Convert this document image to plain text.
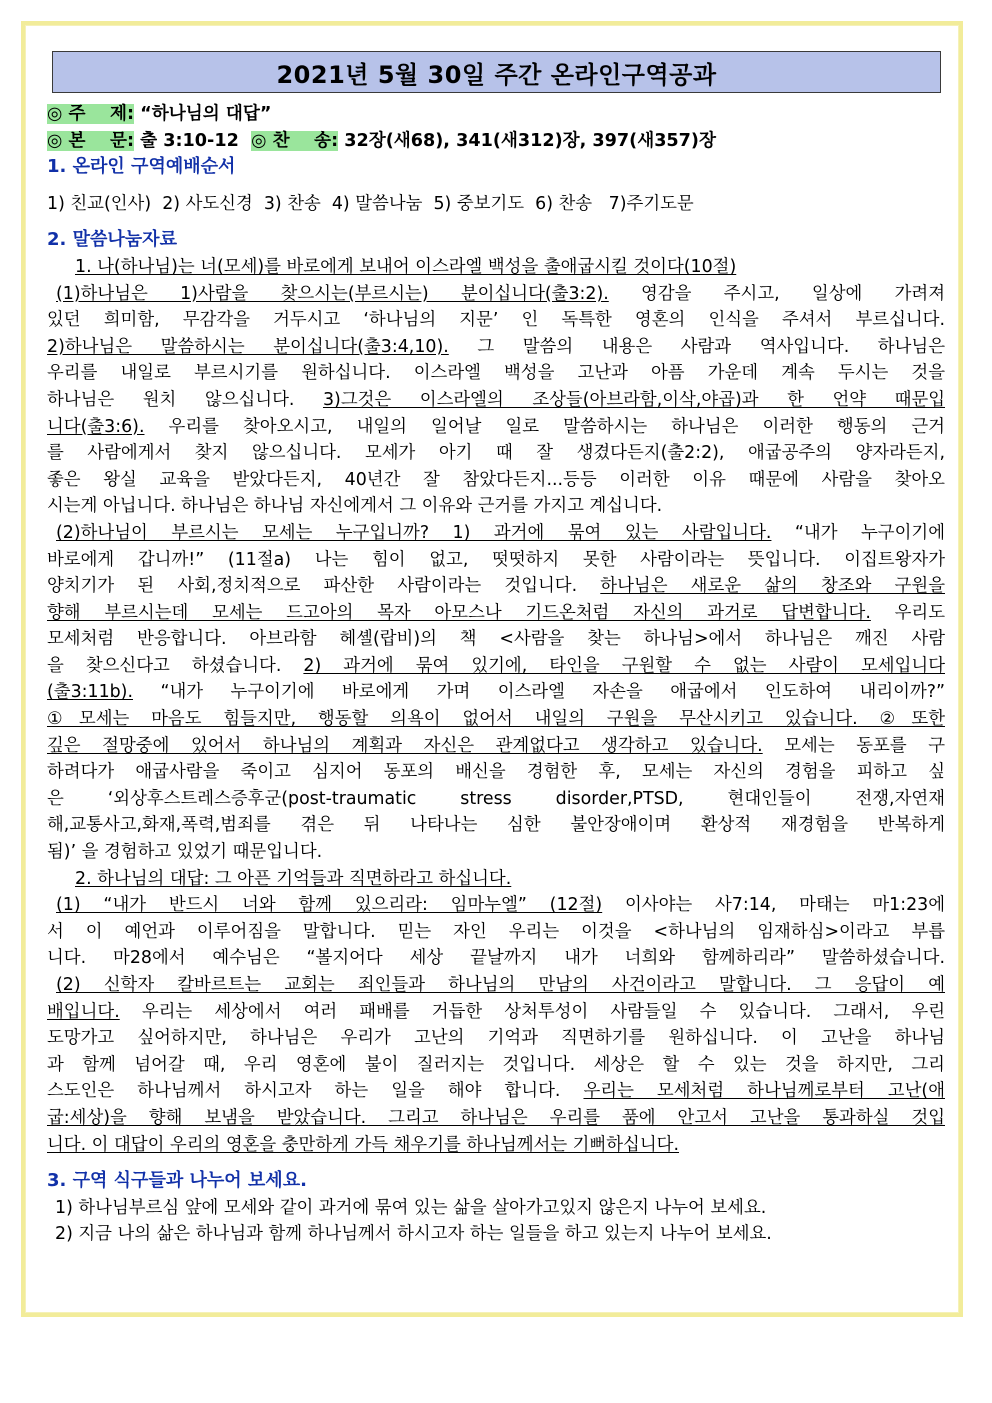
2021년 5월 30일 주간 온라인구역공과
◎ 주    제: “하나님의 대답”
◎ 본    문: 출 3:10-12 ◎ 찬    송: 32장(새68), 341(새312)장, 397(새357)장
1. 온라인 구역예배순서
1) 친교(인사)  2) 사도신경  3) 찬송  4) 말씀나눔  5) 중보기도  6) 찬송   7)주기도문
2. 말씀나눔자료
1. 나(하나님)는 너(모세)를 바로에게 보내어 이스라엘 백성을 출애굽시킬 것이다(10절)
(1)하나님은 1)사람을 찾으시는(부르시는) 분이십니다(출3:2). 영감을 주시고, 일상에 가려져
있던 희미함, 무감각을 거두시고 ‘하나님의 지문’ 인 독특한 영혼의 인식을 주셔서 부르십니다.
2)하나님은 말씀하시는 분이십니다(출3:4,10). 그 말씀의 내용은 사람과 역사입니다. 하나님은
우리를 내일로 부르시기를 원하십니다. 이스라엘 백성을 고난과 아픔 가운데 계속 두시는 것을
하나님은 원치 않으십니다. 3)그것은 이스라엘의 조상들(아브라함,이삭,야곱)과 한 언약 때문입
니다(출3:6). 우리를 찾아오시고, 내일의 일어날 일로 말씀하시는 하나님은 이러한 행동의 근거
를 사람에게서 찾지 않으십니다. 모세가 아기 때 잘 생겼다든지(출2:2), 애굽공주의 양자라든지,
좋은 왕실 교육을 받았다든지, 40년간 잘 참았다든지...등등 이러한 이유 때문에 사람을 찾아오
시는게 아닙니다. 하나님은 하나님 자신에게서 그 이유와 근거를 가지고 계십니다.
(2)하나님이 부르시는 모세는 누구입니까? 1) 과거에 묶여 있는 사람입니다. “내가 누구이기에
바로에게 갑니까!” (11절a) 나는 힘이 없고, 떳떳하지 못한 사람이라는 뜻입니다. 이집트왕자가
양치기가 된 사회,정치적으로 파산한 사람이라는 것입니다. 하나님은 새로운 삶의 창조와 구원을
향해 부르시는데 모세는 드고아의 목자 아모스나 기드온처럼 자신의 과거로 답변합니다. 우리도
모세처럼 반응합니다. 아브라함 헤셸(랍비)의 책 <사람을 찾는 하나님>에서 하나님은 깨진 사람
을 찾으신다고 하셨습니다. 2) 과거에 묶여 있기에, 타인을 구원할 수 없는 사람이 모세입니다
(출3:11b). “내가 누구이기에 바로에게 가며 이스라엘 자손을 애굽에서 인도하여 내리이까?”
①모세는 마음도 힘들지만, 행동할 의욕이 없어서 내일의 구원을 무산시키고 있습니다. ②또한
깊은 절망중에 있어서 하나님의 계획과 자신은 관계없다고 생각하고 있습니다. 모세는 동포를 구
하려다가 애굽사람을 죽이고 심지어 동포의 배신을 경험한 후, 모세는 자신의 경험을 피하고 싶
은 ‘외상후스트레스증후군(post-traumatic stress disorder,PTSD, 현대인들이 전쟁,자연재
해,교통사고,화재,폭력,범죄를 겪은 뒤 나타나는 심한 불안장애이며 환상적 재경험을 반복하게
됨)’ 을 경험하고 있었기 때문입니다.
2. 하나님의 대답: 그 아픈 기억들과 직면하라고 하십니다.
(1) “내가 반드시 너와 함께 있으리라: 임마누엘” (12절) 이사야는 사7:14, 마태는 마1:23에
서 이 예언과 이루어짐을 말합니다. 믿는 자인 우리는 이것을 <하나님의 임재하심>이라고 부릅
니다. 마28에서 예수님은 “볼지어다 세상 끝날까지 내가 너희와 함께하리라” 말씀하셨습니다.
(2) 신학자 칼바르트는 교회는 죄인들과 하나님의 만남의 사건이라고 말합니다. 그 응답이 예
배입니다. 우리는 세상에서 여러 패배를 거듭한 상처투성이 사람들일 수 있습니다. 그래서, 우린
도망가고 싶어하지만, 하나님은 우리가 고난의 기억과 직면하기를 원하십니다. 이 고난을 하나님
과 함께 넘어갈 때, 우리 영혼에 불이 질러지는 것입니다. 세상은 할 수 있는 것을 하지만, 그리
스도인은 하나님께서 하시고자 하는 일을 해야 합니다. 우리는 모세처럼 하나님께로부터 고난(애
굽:세상)을 향해 보냄을 받았습니다. 그리고 하나님은 우리를 품에 안고서 고난을 통과하실 것입
니다. 이 대답이 우리의 영혼을 충만하게 가득 채우기를 하나님께서는 기뻐하십니다.
3. 구역 식구들과 나누어 보세요.
1) 하나님부르심 앞에 모세와 같이 과거에 묶여 있는 삶을 살아가고있지 않은지 나누어 보세요.
2) 지금 나의 삶은 하나님과 함께 하나님께서 하시고자 하는 일들을 하고 있는지 나누어 보세요.
